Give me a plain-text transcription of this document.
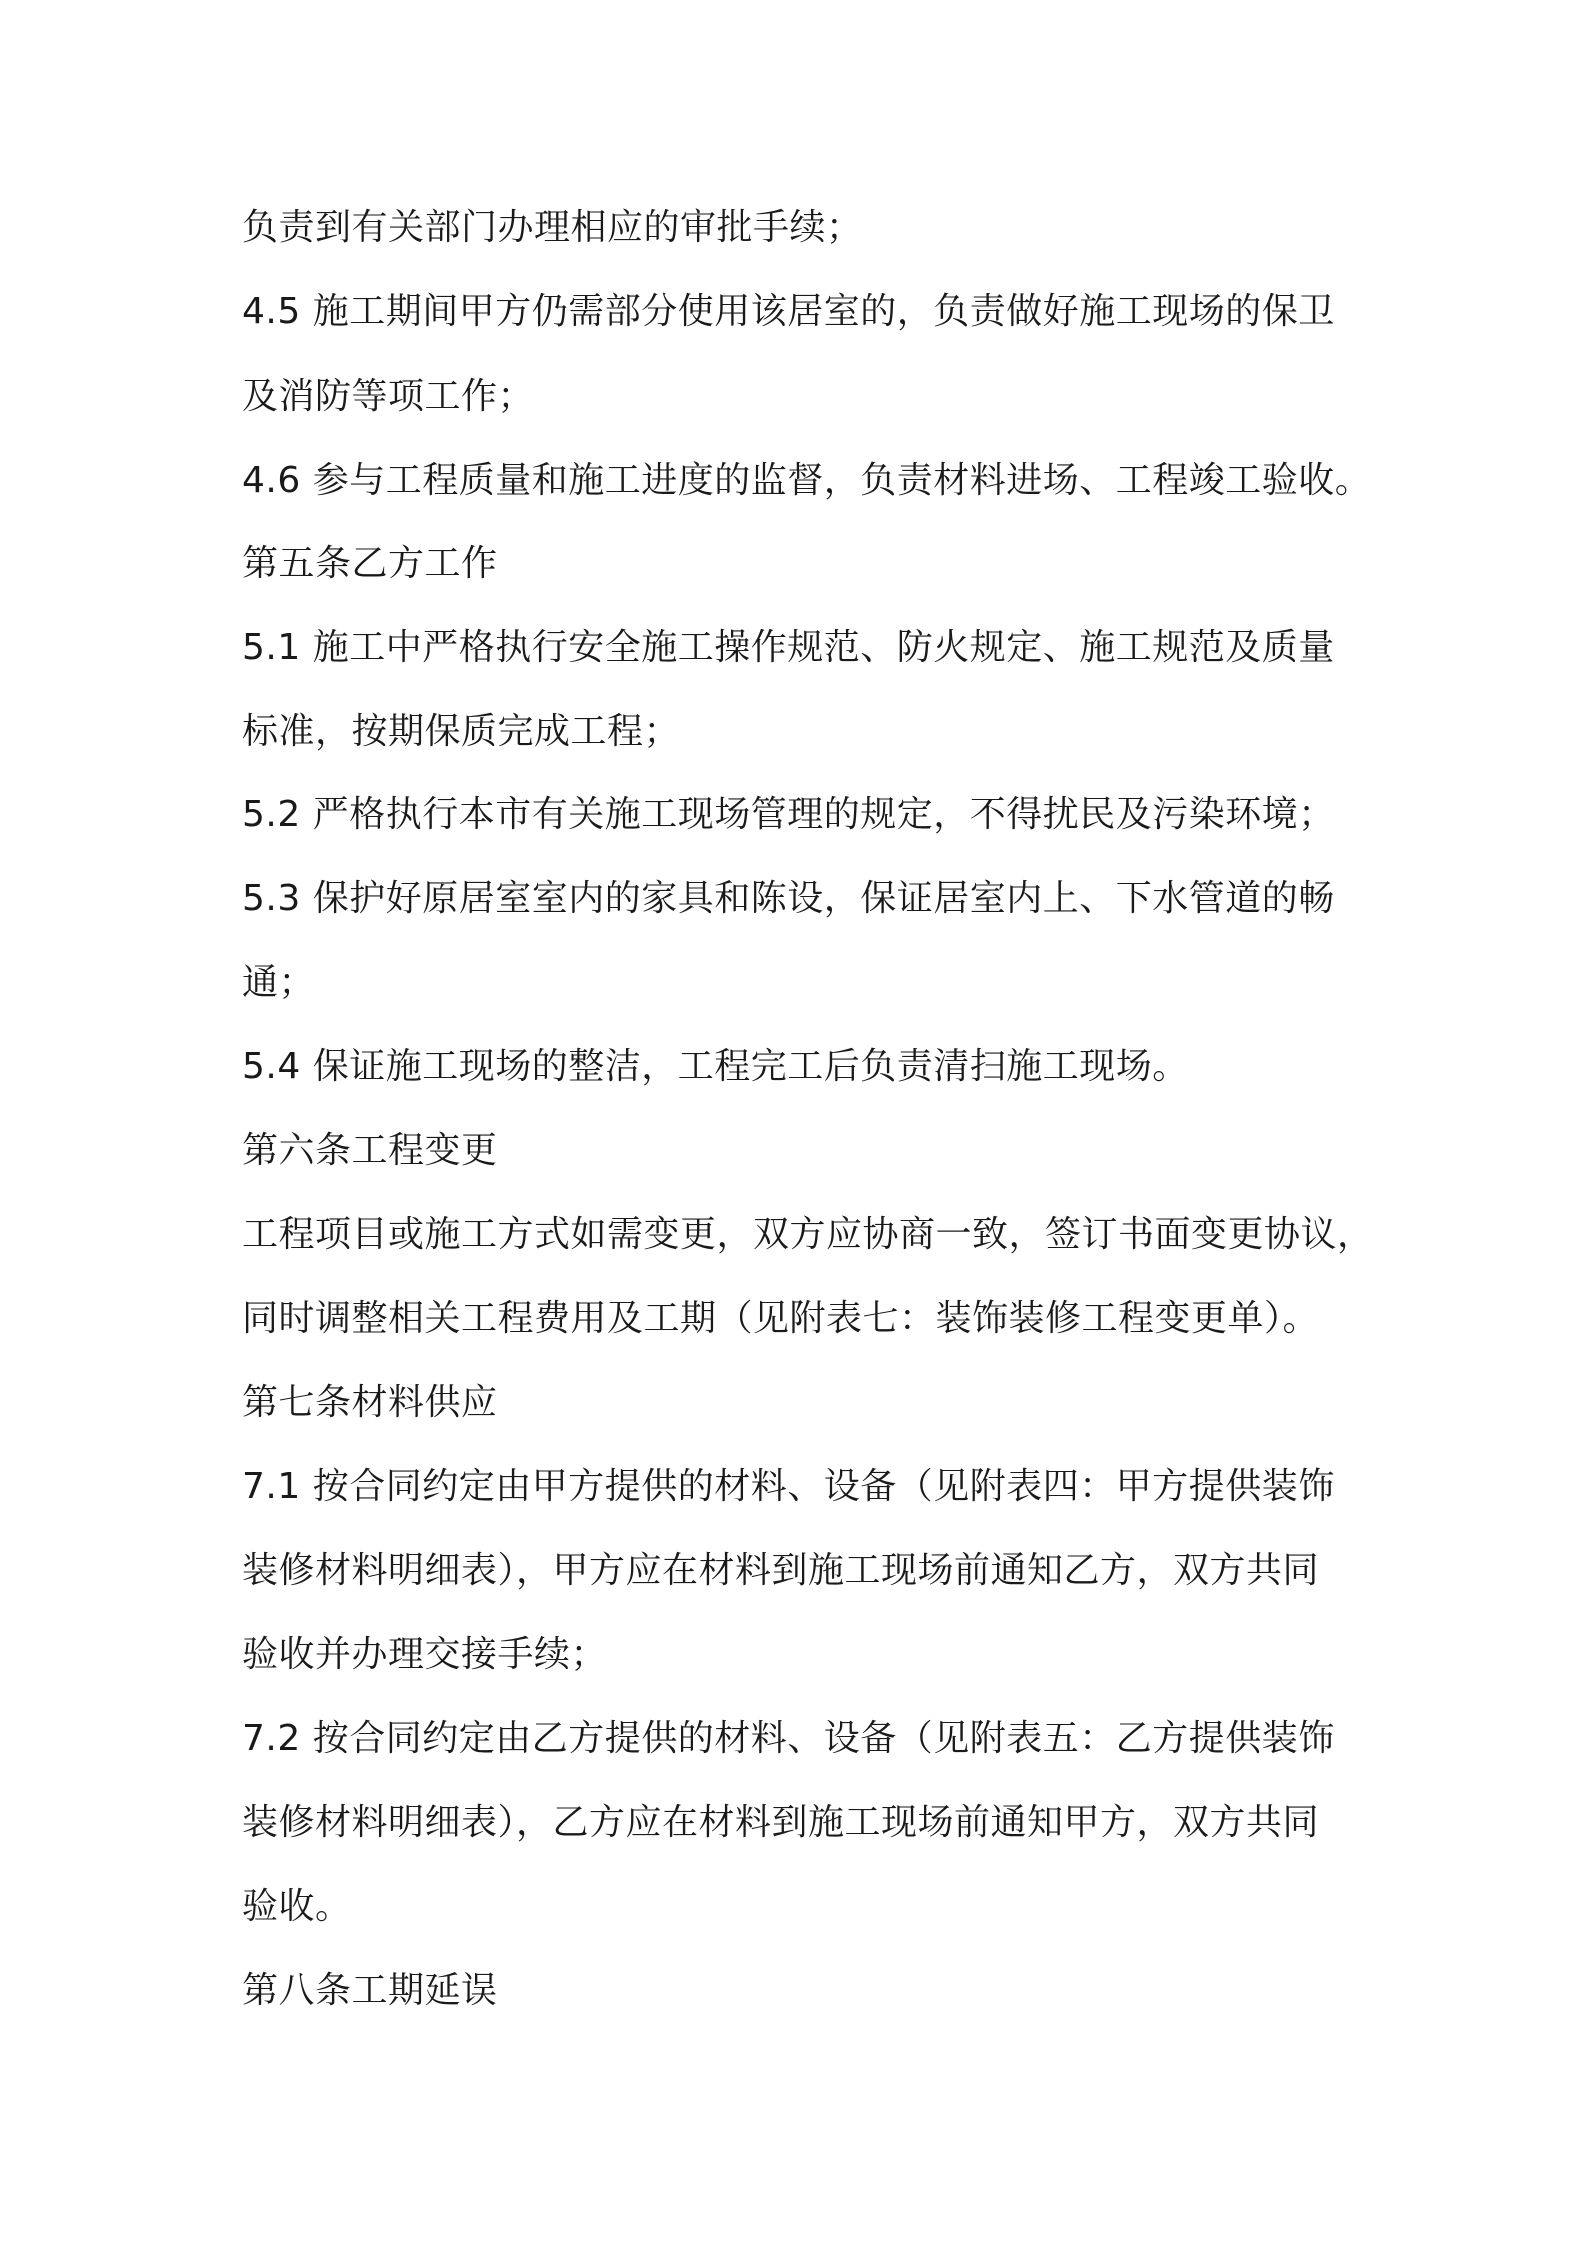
负责到有关部门办理相应的审批手续；
4.5 施工期间甲方仍需部分使用该居室的，负责做好施工现场的保卫
及消防等项工作；
4.6 参与工程质量和施工进度的监督，负责材料进场、工程竣工验收。
第五条乙方工作
5.1 施工中严格执行安全施工操作规范、防火规定、施工规范及质量
标准，按期保质完成工程；
5.2 严格执行本市有关施工现场管理的规定，不得扰民及污染环境；
5.3 保护好原居室室内的家具和陈设，保证居室内上、下水管道的畅
通；
5.4 保证施工现场的整洁，工程完工后负责清扫施工现场。
第六条工程变更
工程项目或施工方式如需变更，双方应协商一致，签订书面变更协议，
同时调整相关工程费用及工期（见附表七：装饰装修工程变更单）。
第七条材料供应
7.1 按合同约定由甲方提供的材料、设备（见附表四：甲方提供装饰
装修材料明细表），甲方应在材料到施工现场前通知乙方，双方共同
验收并办理交接手续；
7.2 按合同约定由乙方提供的材料、设备（见附表五：乙方提供装饰
装修材料明细表），乙方应在材料到施工现场前通知甲方，双方共同
验收。
第八条工期延误
